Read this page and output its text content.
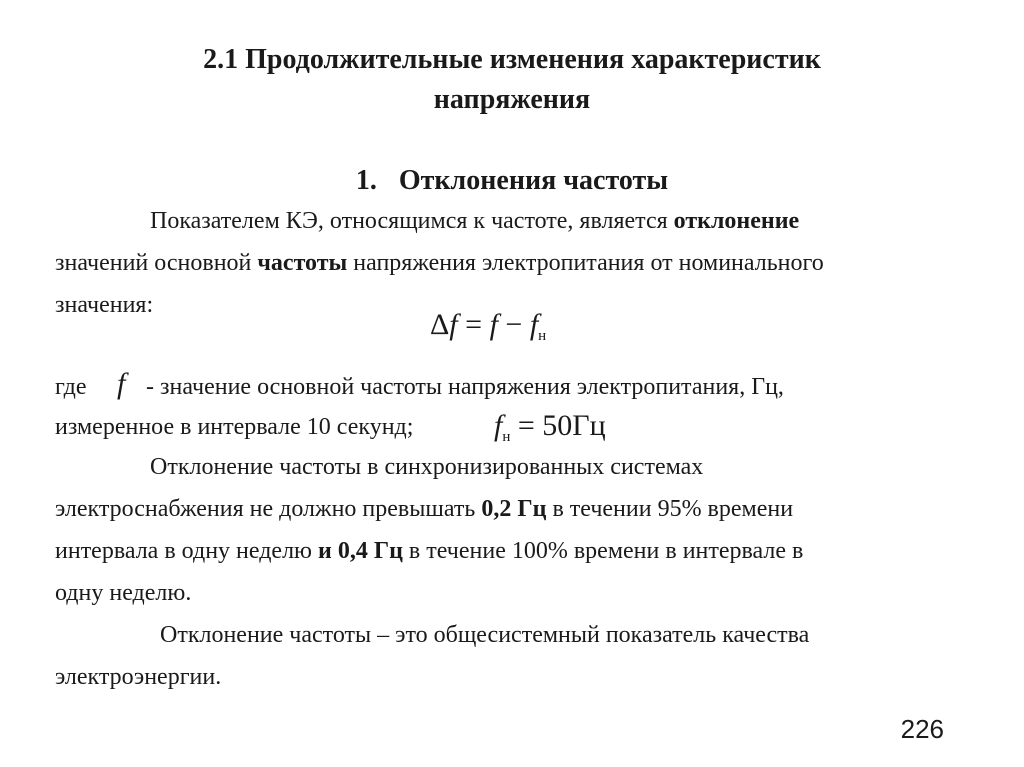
2.1 Продолжительные изменения характеристик
напряжения
1. Отклонения частоты
Показателем КЭ, относящимся к частоте, является отклонение
значений основной частоты напряжения электропитания от номинального
значения:
$\Delta f = f - f_н$
где f - значение основной частоты напряжения электропитания, Гц,
измеренное в интервале 10 секунд;	$f_н = 50Гц$
Отклонение частоты в синхронизированных системах
электроснабжения не должно превышать 0,2 Гц в течении 95% времени
интервала в одну неделю и 0,4 Гц в течение 100% времени в интервале в
одну неделю.
Отклонение частоты – это общесистемный показатель качества
электроэнергии.
226
